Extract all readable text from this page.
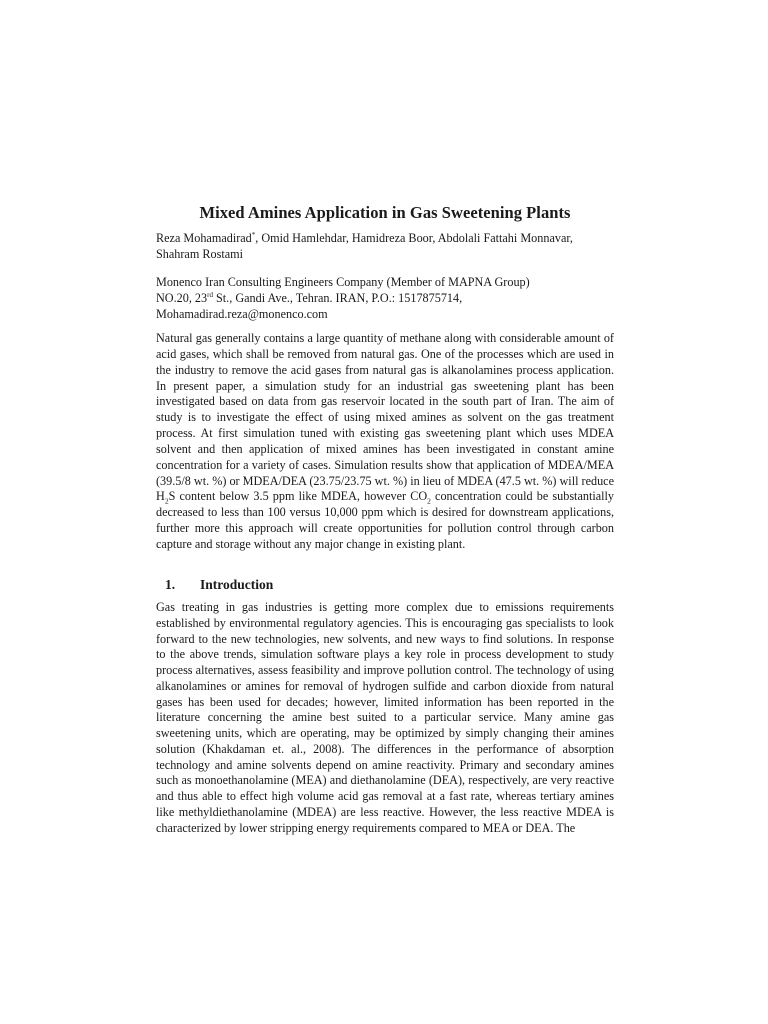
Mixed Amines Application in Gas Sweetening Plants
Reza Mohamadirad*, Omid Hamlehdar, Hamidreza Boor, Abdolali Fattahi Monnavar,
Shahram Rostami
Monenco Iran Consulting Engineers Company (Member of MAPNA Group)
NO.20, 23rd St., Gandi Ave., Tehran. IRAN, P.O.: 1517875714,
Mohamadirad.reza@monenco.com
Natural gas generally contains a large quantity of methane along with considerable amount of acid gases, which shall be removed from natural gas. One of the processes which are used in the industry to remove the acid gases from natural gas is alkanolamines process application. In present paper, a simulation study for an industrial gas sweetening plant has been investigated based on data from gas reservoir located in the south part of Iran. The aim of study is to investigate the effect of using mixed amines as solvent on the gas treatment process. At first simulation tuned with existing gas sweetening plant which uses MDEA solvent and then application of mixed amines has been investigated in constant amine concentration for a variety of cases. Simulation results show that application of MDEA/MEA (39.5/8 wt. %) or MDEA/DEA (23.75/23.75 wt. %) in lieu of MDEA (47.5 wt. %) will reduce $H_2S$ content below 3.5 ppm like MDEA, however $CO_2$ concentration could be substantially decreased to less than 100 versus 10,000 ppm which is desired for downstream applications, further more this approach will create opportunities for pollution control through carbon capture and storage without any major change in existing plant.
1. Introduction
Gas treating in gas industries is getting more complex due to emissions requirements established by environmental regulatory agencies. This is encouraging gas specialists to look forward to the new technologies, new solvents, and new ways to find solutions. In response to the above trends, simulation software plays a key role in process development to study process alternatives, assess feasibility and improve pollution control. The technology of using alkanolamines or amines for removal of hydrogen sulfide and carbon dioxide from natural gases has been used for decades; however, limited information has been reported in the literature concerning the amine best suited to a particular service. Many amine gas sweetening units, which are operating, may be optimized by simply changing their amines solution (Khakdaman et. al., 2008). The differences in the performance of absorption technology and amine solvents depend on amine reactivity. Primary and secondary amines such as monoethanolamine (MEA) and diethanolamine (DEA), respectively, are very reactive and thus able to effect high volume acid gas removal at a fast rate, whereas tertiary amines like methyldiethanolamine (MDEA) are less reactive. However, the less reactive MDEA is characterized by lower stripping energy requirements compared to MEA or DEA. The
